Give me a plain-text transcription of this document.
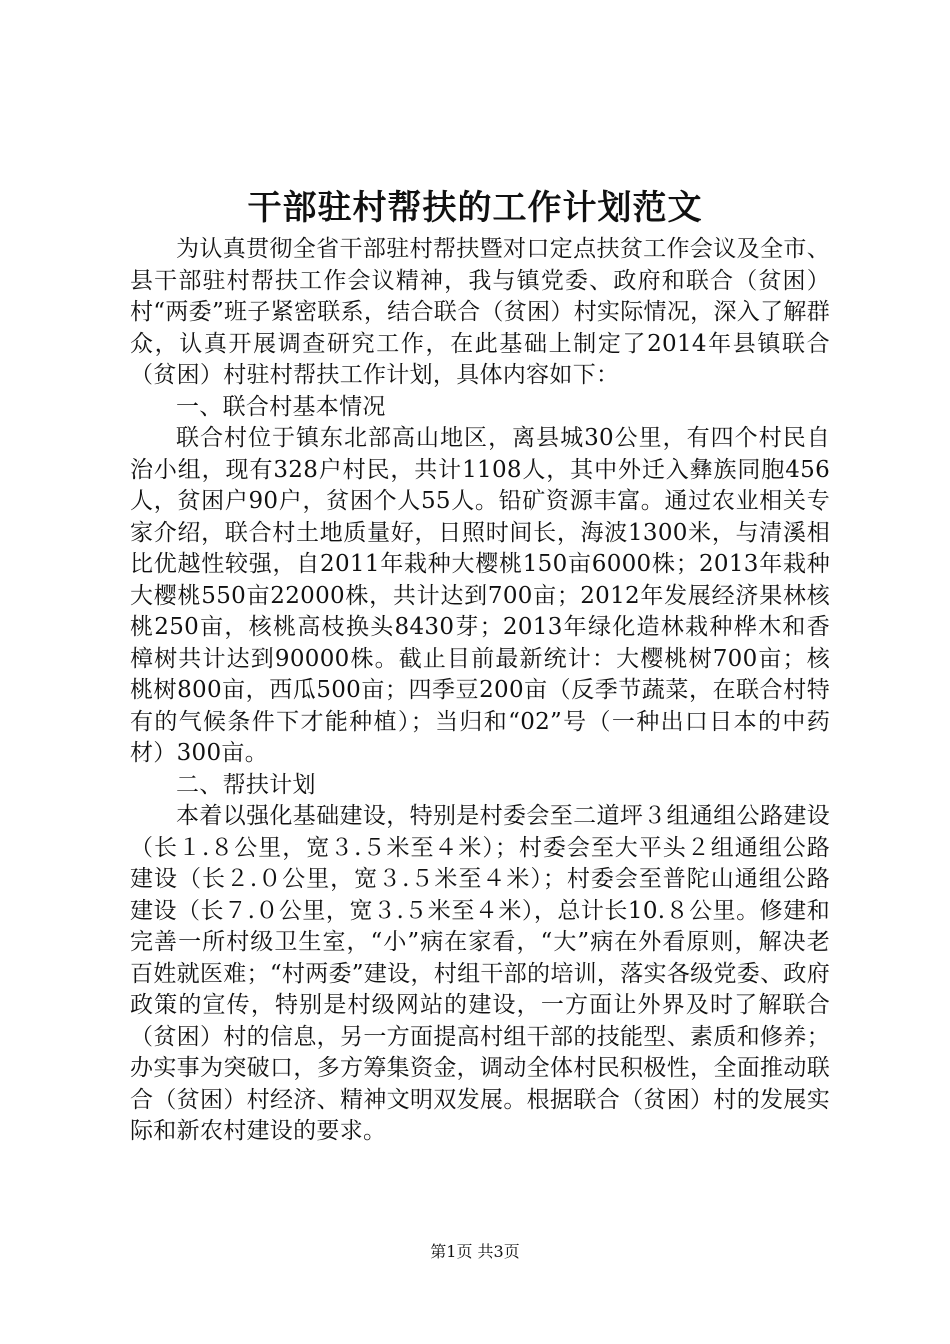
干部驻村帮扶的工作计划范文

为认真贯彻全省干部驻村帮扶暨对口定点扶贫工作会议及全市、县干部驻村帮扶工作会议精神，我与镇党委、政府和联合（贫困）村“两委”班子紧密联系，结合联合（贫困）村实际情况，深入了解群众，认真开展调查研究工作，在此基础上制定了2014年县镇联合（贫困）村驻村帮扶工作计划，具体内容如下：

一、联合村基本情况

联合村位于镇东北部高山地区，离县城30公里，有四个村民自治小组，现有328户村民，共计1108人，其中外迁入彝族同胞456人，贫困户90户，贫困个人55人。铅矿资源丰富。通过农业相关专家介绍，联合村土地质量好，日照时间长，海波1300米，与清溪相比优越性较强，自2011年栽种大樱桃150亩6000株；2013年栽种大樱桃550亩22000株，共计达到700亩；2012年发展经济果林核桃250亩，核桃高枝换头8430芽；2013年绿化造林栽种桦木和香樟树共计达到90000株。截止目前最新统计：大樱桃树700亩；核桃树800亩，西瓜500亩；四季豆200亩（反季节蔬菜，在联合村特有的气候条件下才能种植）；当归和“02”号（一种出口日本的中药材）300亩。

二、帮扶计划

本着以强化基础建设，特别是村委会至二道坪３组通组公路建设（长１.８公里，宽３.５米至４米）；村委会至大平头２组通组公路建设（长２.０公里，宽３.５米至４米）；村委会至普陀山通组公路建设（长７.０公里，宽３.５米至４米），总计长10.８公里。修建和完善一所村级卫生室，“小”病在家看，“大”病在外看原则，解决老百姓就医难；“村两委”建设，村组干部的培训，落实各级党委、政府政策的宣传，特别是村级网站的建设，一方面让外界及时了解联合（贫困）村的信息，另一方面提高村组干部的技能型、素质和修养；办实事为突破口，多方筹集资金，调动全体村民积极性，全面推动联合（贫困）村经济、精神文明双发展。根据联合（贫困）村的发展实际和新农村建设的要求。

第1页 共3页
